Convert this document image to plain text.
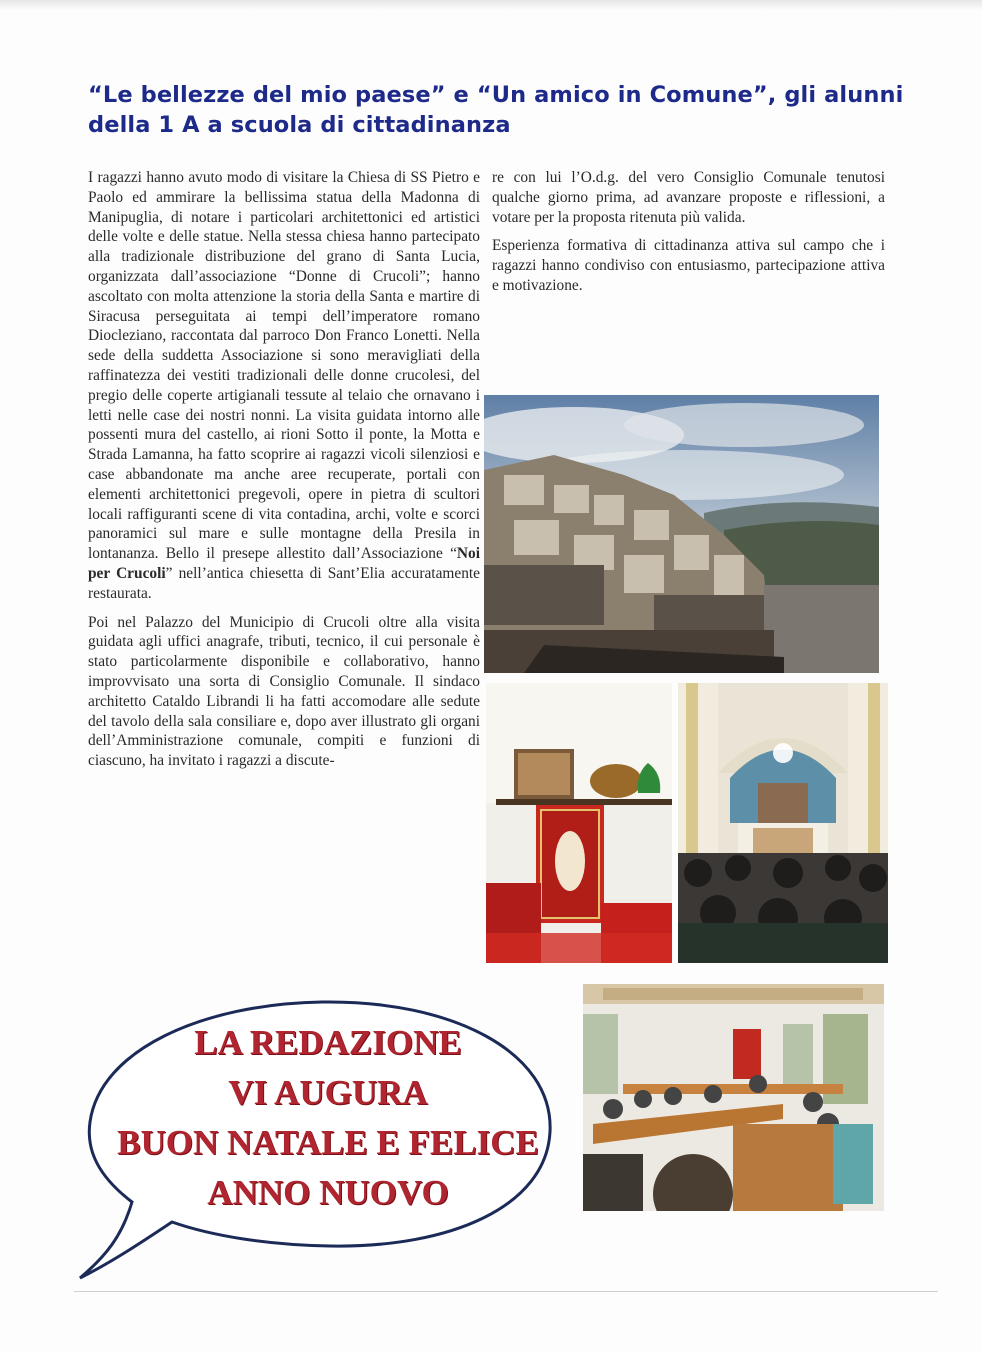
“Le bellezze del mio paese” e “Un amico in Comune”, gli alunni della 1 A a scuola di cittadinanza

I ragazzi hanno avuto modo di visitare la Chiesa di SS Pietro e Paolo ed ammirare la bellissima statua della Madonna di Manipuglia, di notare i particolari architettonici ed artistici delle volte e delle statue. Nella stessa chiesa hanno partecipato alla tradizionale distribuzione del grano di Santa Lucia, organizzata dall’associazione “Donne di Crucoli”; hanno ascoltato con molta attenzione la storia della Santa e martire di Siracusa perseguitata ai tempi dell’imperatore romano Diocleziano, raccontata dal parroco Don Franco Lonetti. Nella sede della suddetta Associazione si sono meravigliati della raffinatezza dei vestiti tradizionali delle donne crucolesi, del pregio delle coperte artigianali tessute al telaio che ornavano i letti nelle case dei nostri nonni. La visita guidata intorno alle possenti mura del castello, ai rioni Sotto il ponte, la Motta e Strada Lamanna, ha fatto scoprire ai ragazzi vicoli silenziosi e case abbandonate ma anche aree recuperate, portali con elementi architettonici pregevoli, opere in pietra di scultori locali raffiguranti scene di vita contadina, archi, volte e scorci panoramici sul mare e sulle montagne della Presila in lontananza. Bello il presepe allestito dall’Associazione “Noi per Crucoli” nell’antica chiesetta di Sant’Elia accuratamente restaurata.

Poi nel Palazzo del Municipio di Crucoli oltre alla visita guidata agli uffici anagrafe, tributi, tecnico, il cui personale è stato particolarmente disponibile e collaborativo, hanno improvvisato una sorta di Consiglio Comunale. Il sindaco architetto Cataldo Librandi li ha fatti accomodare alle sedute del tavolo della sala consiliare e, dopo aver illustrato gli organi dell’Amministrazione comunale, compiti e funzioni di ciascuno, ha invitato i ragazzi a discute-

re con lui l’O.d.g. del vero Consiglio Comunale tenutosi qualche giorno prima, ad avanzare proposte e riflessioni, a votare per la proposta ritenuta più valida.

Esperienza formativa di cittadinanza attiva sul campo che i ragazzi hanno condiviso con entusiasmo, partecipazione attiva e motivazione.

LA REDAZIONE
VI AUGURA
BUON NATALE E FELICE
ANNO NUOVO
